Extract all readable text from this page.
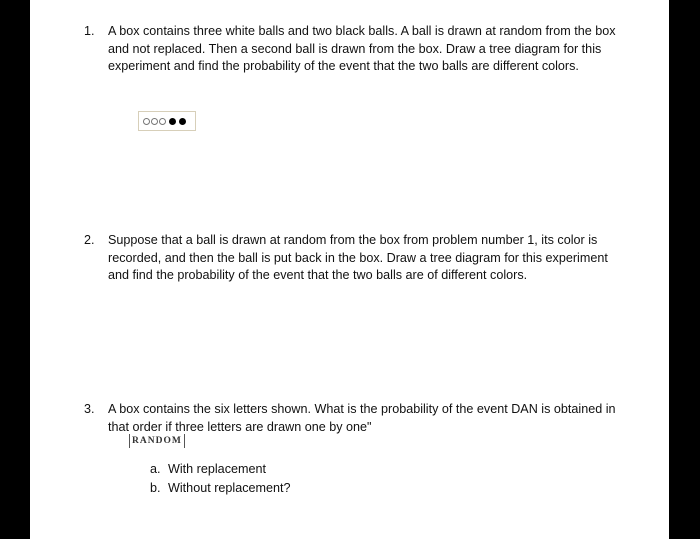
1. A box contains three white balls and two black balls. A ball is drawn at random from the box and not replaced. Then a second ball is drawn from the box. Draw a tree diagram for this experiment and find the probability of the event that the two balls are different colors.
2. Suppose that a ball is drawn at random from the box from problem number 1, its color is recorded, and then the ball is put back in the box. Draw a tree diagram for this experiment and find the probability of the event that the two balls are of different colors.
3. A box contains the six letters shown. What is the probability of the event DAN is obtained in that order if three letters are drawn one by one"
RANDOM
a. With replacement
b. Without replacement?
